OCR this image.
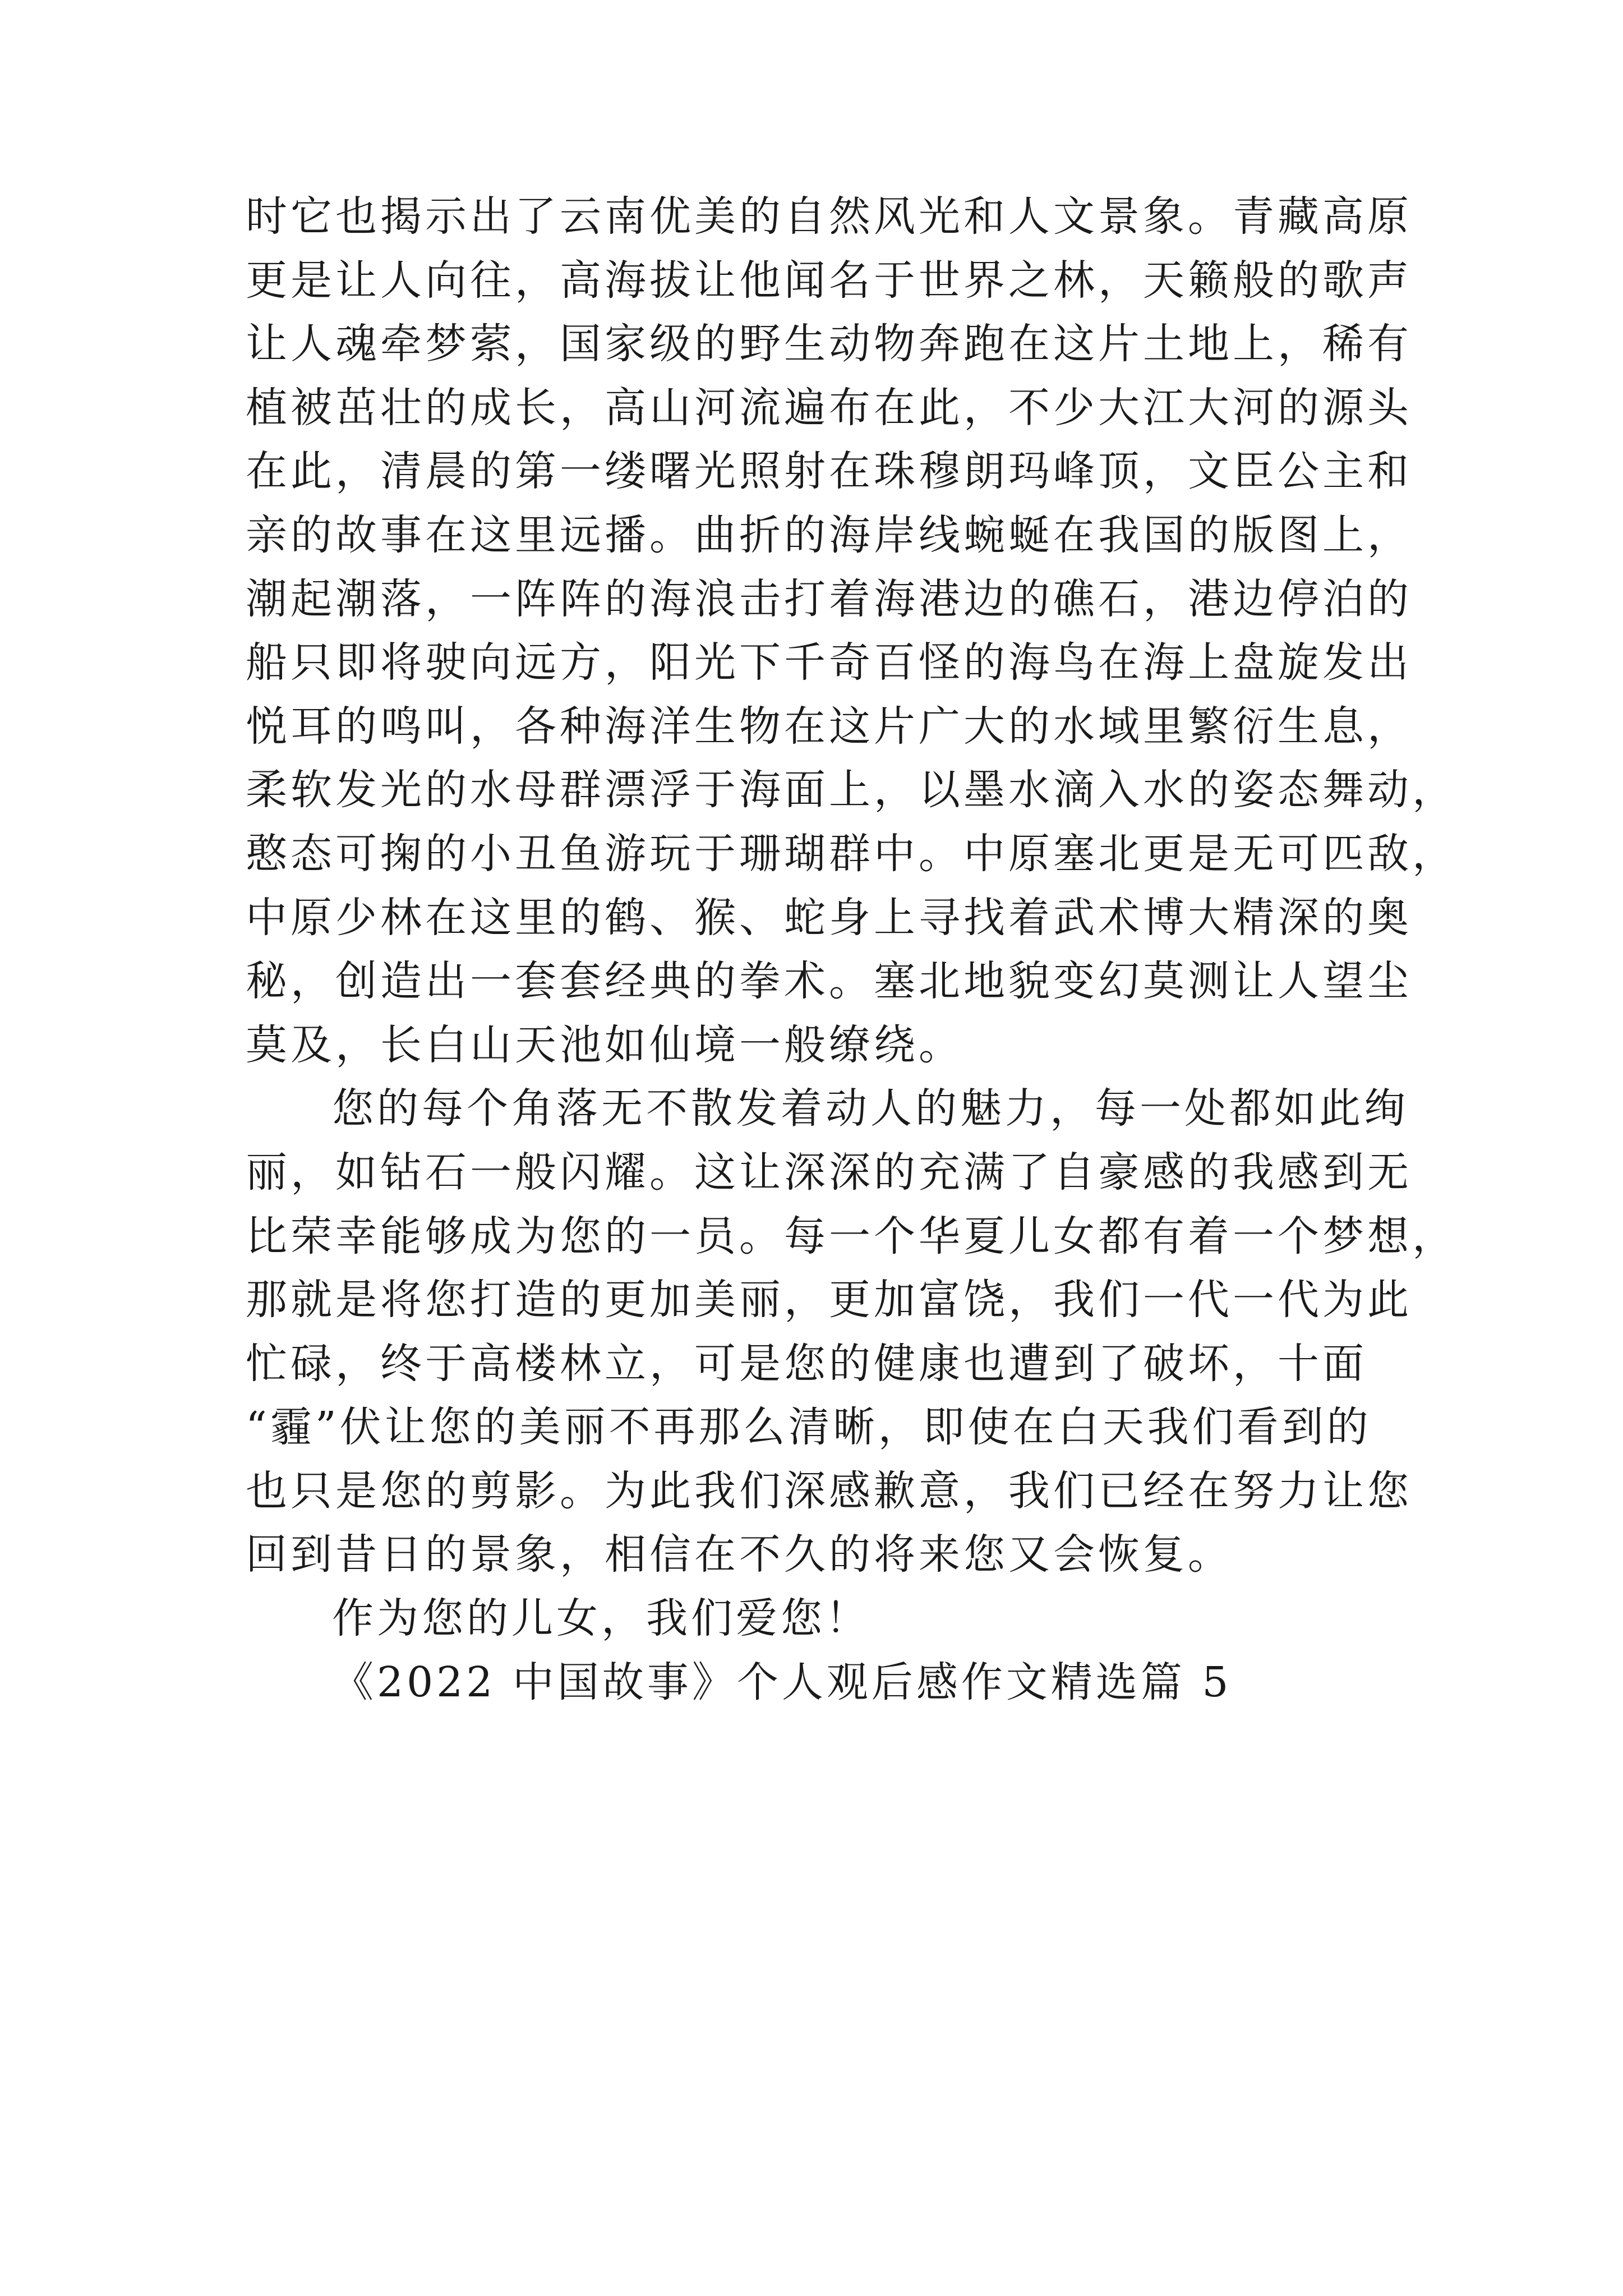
时它也揭示出了云南优美的自然风光和人文景象。青藏高原
更是让人向往，高海拔让他闻名于世界之林，天籁般的歌声
让人魂牵梦萦，国家级的野生动物奔跑在这片土地上，稀有
植被茁壮的成长，高山河流遍布在此，不少大江大河的源头
在此，清晨的第一缕曙光照射在珠穆朗玛峰顶，文臣公主和
亲的故事在这里远播。曲折的海岸线蜿蜒在我国的版图上，
潮起潮落，一阵阵的海浪击打着海港边的礁石，港边停泊的
船只即将驶向远方，阳光下千奇百怪的海鸟在海上盘旋发出
悦耳的鸣叫，各种海洋生物在这片广大的水域里繁衍生息，
柔软发光的水母群漂浮于海面上，以墨水滴入水的姿态舞动，
憨态可掬的小丑鱼游玩于珊瑚群中。中原塞北更是无可匹敌，
中原少林在这里的鹤、猴、蛇身上寻找着武术博大精深的奥
秘，创造出一套套经典的拳术。塞北地貌变幻莫测让人望尘
莫及，长白山天池如仙境一般缭绕。
您的每个角落无不散发着动人的魅力，每一处都如此绚
丽，如钻石一般闪耀。这让深深的充满了自豪感的我感到无
比荣幸能够成为您的一员。每一个华夏儿女都有着一个梦想，
那就是将您打造的更加美丽，更加富饶，我们一代一代为此
忙碌，终于高楼林立，可是您的健康也遭到了破坏，十面
“霾”伏让您的美丽不再那么清晰，即使在白天我们看到的
也只是您的剪影。为此我们深感歉意，我们已经在努力让您
回到昔日的景象，相信在不久的将来您又会恢复。
作为您的儿女，我们爱您！
《2022 中国故事》个人观后感作文精选篇 5
